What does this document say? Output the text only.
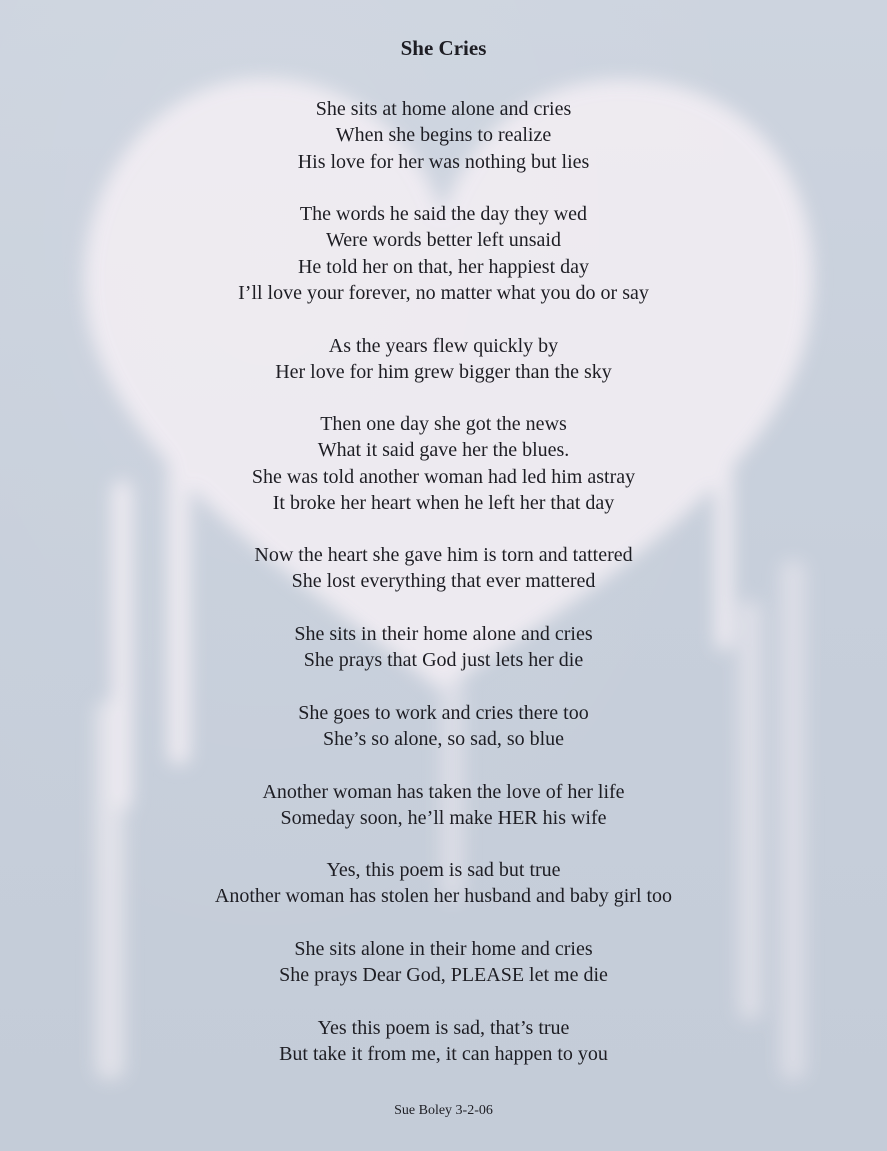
She Cries
She sits at home alone and cries
When she begins to realize
His love for her was nothing but lies
The words he said the day they wed
Were words better left unsaid
He told her on that, her happiest day
I’ll love your forever, no matter what you do or say
As the years flew quickly by
Her love for him grew bigger than the sky
Then one day she got the news
What it said gave her the blues.
She was told another woman had led him astray
It broke her heart when he left her that day
Now the heart she gave him is torn and tattered
She lost everything that ever mattered
She sits in their home alone and cries
She prays that God just lets her die
She goes to work and cries there too
She’s so alone, so sad, so blue
Another woman has taken the love of her life
Someday soon, he’ll make HER his wife
Yes, this poem is sad but true
Another woman has stolen her husband and baby girl too
She sits alone in their home and cries
She prays Dear God, PLEASE let me die
Yes this poem is sad, that’s true
But take it from me, it can happen to you
Sue Boley 3-2-06
